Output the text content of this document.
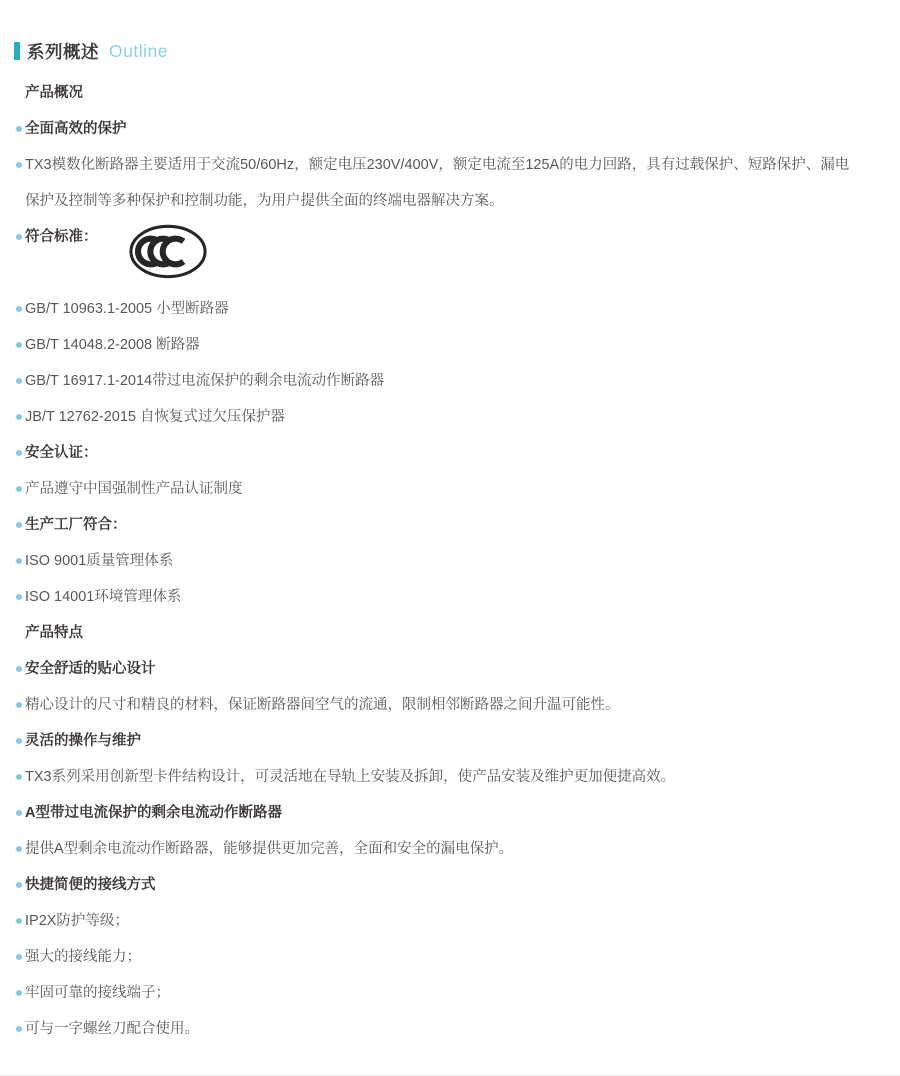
系列概述 Outline
产品概况
全面高效的保护
TX3模数化断路器主要适用于交流50/60Hz，额定电压230V/400V，额定电流至125A的电力回路，具有过载保护、短路保护、漏电保护及控制等多种保护和控制功能，为用户提供全面的终端电器解决方案。
符合标准：
GB/T 10963.1-2005 小型断路器
GB/T 14048.2-2008 断路器
GB/T 16917.1-2014带过电流保护的剩余电流动作断路器
JB/T 12762-2015 自恢复式过欠压保护器
安全认证：
产品遵守中国强制性产品认证制度
生产工厂符合：
ISO 9001质量管理体系
ISO 14001环境管理体系
产品特点
安全舒适的贴心设计
精心设计的尺寸和精良的材料，保证断路器间空气的流通，限制相邻断路器之间升温可能性。
灵活的操作与维护
TX3系列采用创新型卡件结构设计，可灵活地在导轨上安装及拆卸，使产品安装及维护更加便捷高效。
A型带过电流保护的剩余电流动作断路器
提供A型剩余电流动作断路器，能够提供更加完善，全面和安全的漏电保护。
快捷简便的接线方式
IP2X防护等级；
强大的接线能力；
牢固可靠的接线端子；
可与一字螺丝刀配合使用。
